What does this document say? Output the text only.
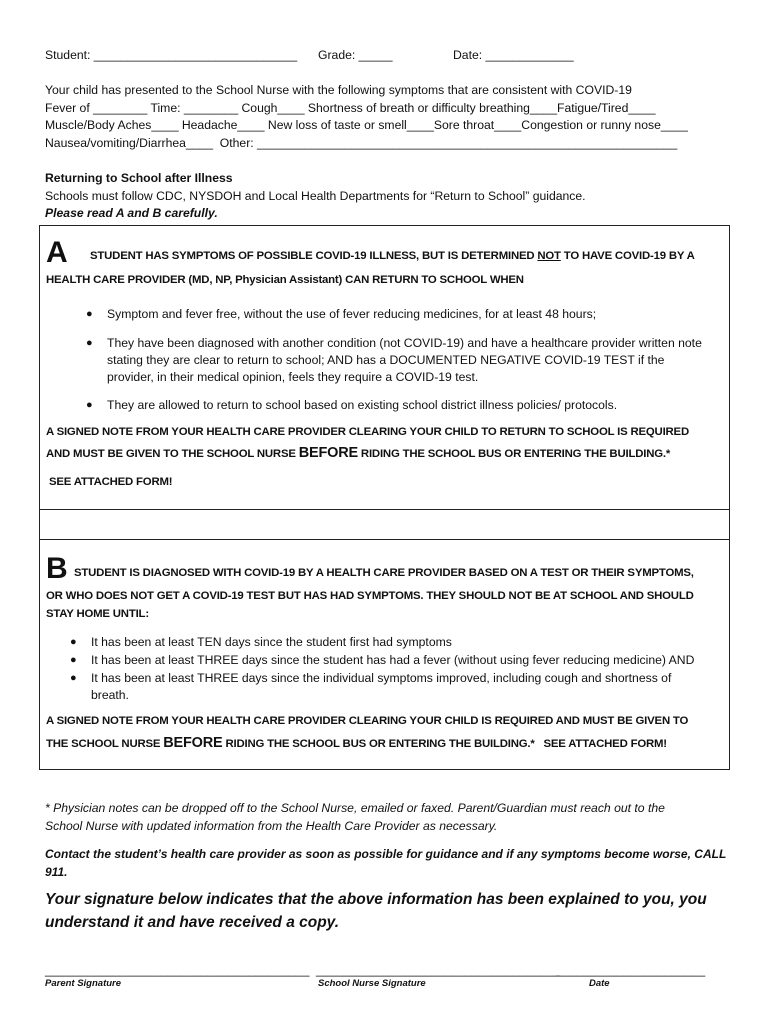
Student: ______________________________ Grade: _____	Date: _____________
Your child has presented to the School Nurse with the following symptoms that are consistent with COVID-19
Fever of ________ Time: ________ Cough____ Shortness of breath or difficulty breathing____Fatigue/Tired____
Muscle/Body Aches____ Headache____ New loss of taste or smell____Sore throat____Congestion or runny nose____
Nausea/vomiting/Diarrhea____  Other: ______________________________________________________________
Returning to School after Illness
Schools must follow CDC, NYSDOH and Local Health Departments for “Return to School” guidance.
Please read A and B carefully.
A STUDENT HAS SYMPTOMS OF POSSIBLE COVID-19 ILLNESS, BUT IS DETERMINED NOT TO HAVE COVID-19 BY A
HEALTH CARE PROVIDER (MD, NP, Physician Assistant) CAN RETURN TO SCHOOL WHEN
● Symptom and fever free, without the use of fever reducing medicines, for at least 48 hours;
● They have been diagnosed with another condition (not COVID-19) and have a healthcare provider written note stating they are clear to return to school; AND has a DOCUMENTED NEGATIVE COVID-19 TEST if the provider, in their medical opinion, feels they require a COVID-19 test.
● They are allowed to return to school based on existing school district illness policies/ protocols.
A SIGNED NOTE FROM YOUR HEALTH CARE PROVIDER CLEARING YOUR CHILD TO RETURN TO SCHOOL IS REQUIRED
AND MUST BE GIVEN TO THE SCHOOL NURSE BEFORE RIDING THE SCHOOL BUS OR ENTERING THE BUILDING.*
SEE ATTACHED FORM!
B STUDENT IS DIAGNOSED WITH COVID-19 BY A HEALTH CARE PROVIDER BASED ON A TEST OR THEIR SYMPTOMS,
OR WHO DOES NOT GET A COVID-19 TEST BUT HAS HAD SYMPTOMS. THEY SHOULD NOT BE AT SCHOOL AND SHOULD
STAY HOME UNTIL:
● It has been at least TEN days since the student first had symptoms
● It has been at least THREE days since the student has had a fever (without using fever reducing medicine) AND
● It has been at least THREE days since the individual symptoms improved, including cough and shortness of breath.
A SIGNED NOTE FROM YOUR HEALTH CARE PROVIDER CLEARING YOUR CHILD IS REQUIRED AND MUST BE GIVEN TO
THE SCHOOL NURSE BEFORE RIDING THE SCHOOL BUS OR ENTERING THE BUILDING.*   SEE ATTACHED FORM!
* Physician notes can be dropped off to the School Nurse, emailed or faxed. Parent/Guardian must reach out to the School Nurse with updated information from the Health Care Provider as necessary.
Contact the student’s health care provider as soon as possible for guidance and if any symptoms become worse, CALL 911.
Your signature below indicates that the above information has been explained to you, you understand it and have received a copy.
_______________________________________ ____________________________________
______________________
Parent Signature	School Nurse Signature	Date
